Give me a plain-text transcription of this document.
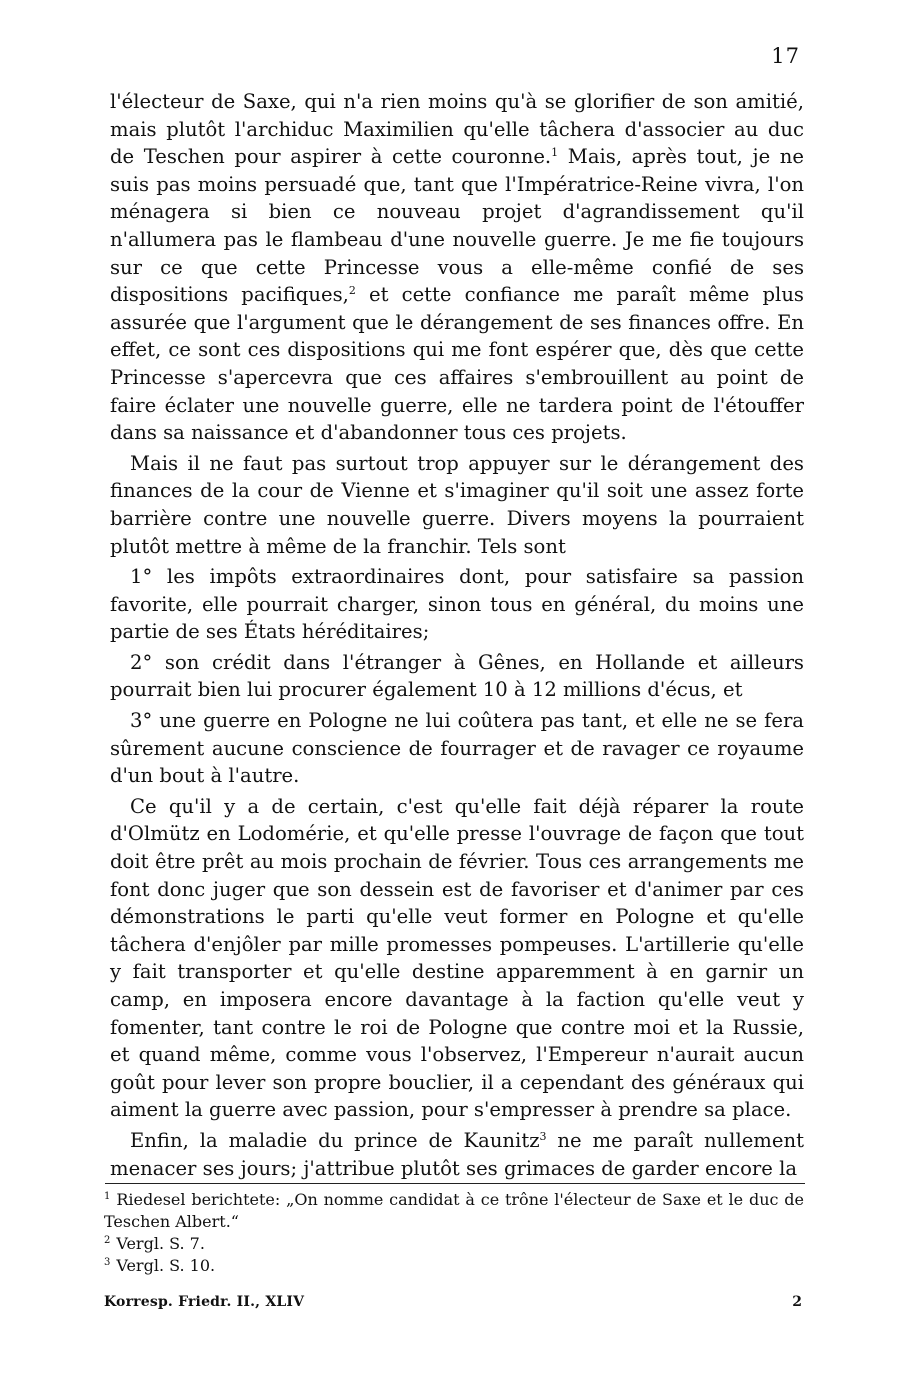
17

l'électeur de Saxe, qui n'a rien moins qu'à se glorifier de son amitié, mais plutôt l'archiduc Maximilien qu'elle tâchera d'associer au duc de Teschen pour aspirer à cette couronne.$^1$ Mais, après tout, je ne suis pas moins persuadé que, tant que l'Impératrice-Reine vivra, l'on ménagera si bien ce nouveau projet d'agrandissement qu'il n'allumera pas le flambeau d'une nouvelle guerre. Je me fie toujours sur ce que cette Princesse vous a elle-même confié de ses dispositions pacifiques,$^2$ et cette confiance me paraît même plus assurée que l'argument que le dérangement de ses finances offre. En effet, ce sont ces dispositions qui me font espérer que, dès que cette Princesse s'apercevra que ces affaires s'embrouillent au point de faire éclater une nouvelle guerre, elle ne tardera point de l'étouffer dans sa naissance et d'abandonner tous ces projets.

Mais il ne faut pas surtout trop appuyer sur le dérangement des finances de la cour de Vienne et s'imaginer qu'il soit une assez forte barrière contre une nouvelle guerre. Divers moyens la pourraient plutôt mettre à même de la franchir. Tels sont

1° les impôts extraordinaires dont, pour satisfaire sa passion favorite, elle pourrait charger, sinon tous en général, du moins une partie de ses États héréditaires;

2° son crédit dans l'étranger à Gênes, en Hollande et ailleurs pourrait bien lui procurer également 10 à 12 millions d'écus, et

3° une guerre en Pologne ne lui coûtera pas tant, et elle ne se fera sûrement aucune conscience de fourrager et de ravager ce royaume d'un bout à l'autre.

Ce qu'il y a de certain, c'est qu'elle fait déjà réparer la route d'Olmütz en Lodomérie, et qu'elle presse l'ouvrage de façon que tout doit être prêt au mois prochain de février. Tous ces arrangements me font donc juger que son dessein est de favoriser et d'animer par ces démonstrations le parti qu'elle veut former en Pologne et qu'elle tâchera d'enjôler par mille promesses pompeuses. L'artillerie qu'elle y fait transporter et qu'elle destine apparemment à en garnir un camp, en imposera encore davantage à la faction qu'elle veut y fomenter, tant contre le roi de Pologne que contre moi et la Russie, et quand même, comme vous l'observez, l'Empereur n'aurait aucun goût pour lever son propre bouclier, il a cependant des généraux qui aiment la guerre avec passion, pour s'empresser à prendre sa place.

Enfin, la maladie du prince de Kaunitz$^3$ ne me paraît nullement menacer ses jours; j'attribue plutôt ses grimaces de garder encore la

$^1$ Riedesel berichtete: „On nomme candidat à ce trône l'électeur de Saxe et le duc de Teschen Albert.“

$^2$ Vergl. S. 7.

$^3$ Vergl. S. 10.

Korresp. Friedr. II., XLIV	2
